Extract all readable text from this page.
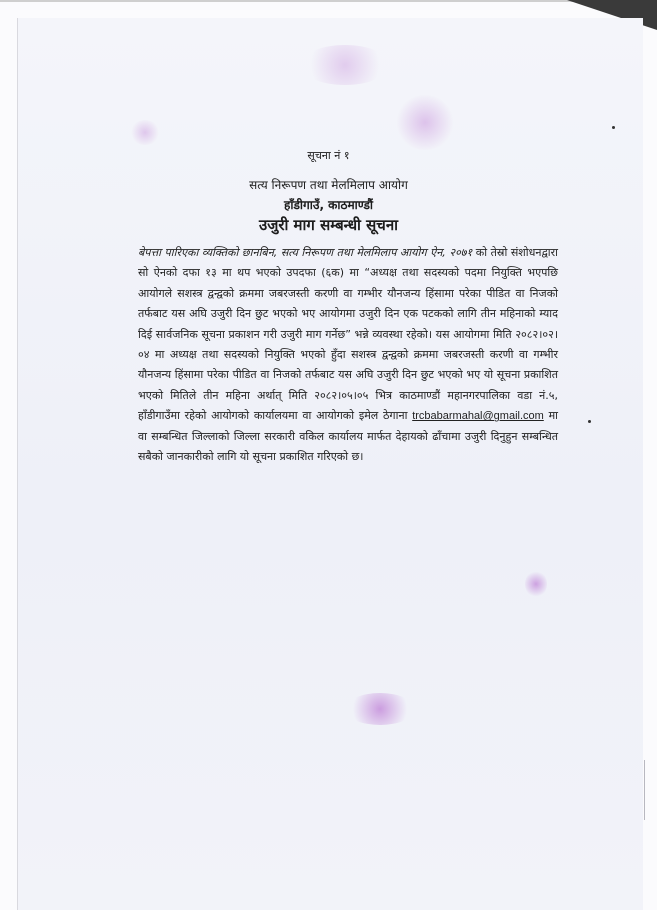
सूचना नं १
सत्य निरूपण तथा मेलमिलाप आयोग
हाँडीगाउँ, काठमाण्डौं
उजुरी माग सम्बन्धी सूचना

बेपत्ता पारिएका व्यक्तिको छानबिन, सत्य निरूपण तथा मेलमिलाप आयोग ऐन, २०७१ को तेस्रो संशोधनद्वारा सो ऐनको दफा १३ मा थप भएको उपदफा (६क) मा “अध्यक्ष तथा सदस्यको पदमा नियुक्ति भएपछि आयोगले सशस्त्र द्वन्द्वको क्रममा जबरजस्ती करणी वा गम्भीर यौनजन्य हिंसामा परेका पीडित वा निजको तर्फबाट यस अघि उजुरी दिन छुट भएको भए आयोगमा उजुरी दिन एक पटकको लागि तीन महिनाको म्याद दिई सार्वजनिक सूचना प्रकाशन गरी उजुरी माग गर्नेछ” भन्ने व्यवस्था रहेको। यस आयोगमा मिति २०८२।०२।०४ मा अध्यक्ष तथा सदस्यको नियुक्ति भएको हुँदा सशस्त्र द्वन्द्वको क्रममा जबरजस्ती करणी वा गम्भीर यौनजन्य हिंसामा परेका पीडित वा निजको तर्फबाट यस अघि उजुरी दिन छुट भएको भए यो सूचना प्रकाशित भएको मितिले तीन महिना अर्थात् मिति २०८२।०५।०५ भित्र काठमाण्डौं महानगरपालिका वडा नं.५, हाँडीगाउँमा रहेको आयोगको कार्यालयमा वा आयोगको इमेल ठेगाना trcbabarmahal@gmail.com मा वा सम्बन्धित जिल्लाको जिल्ला सरकारी वकिल कार्यालय मार्फत देहायको ढाँचामा उजुरी दिनुहुन सम्बन्धित सबैको जानकारीको लागि यो सूचना प्रकाशित गरिएको छ।
